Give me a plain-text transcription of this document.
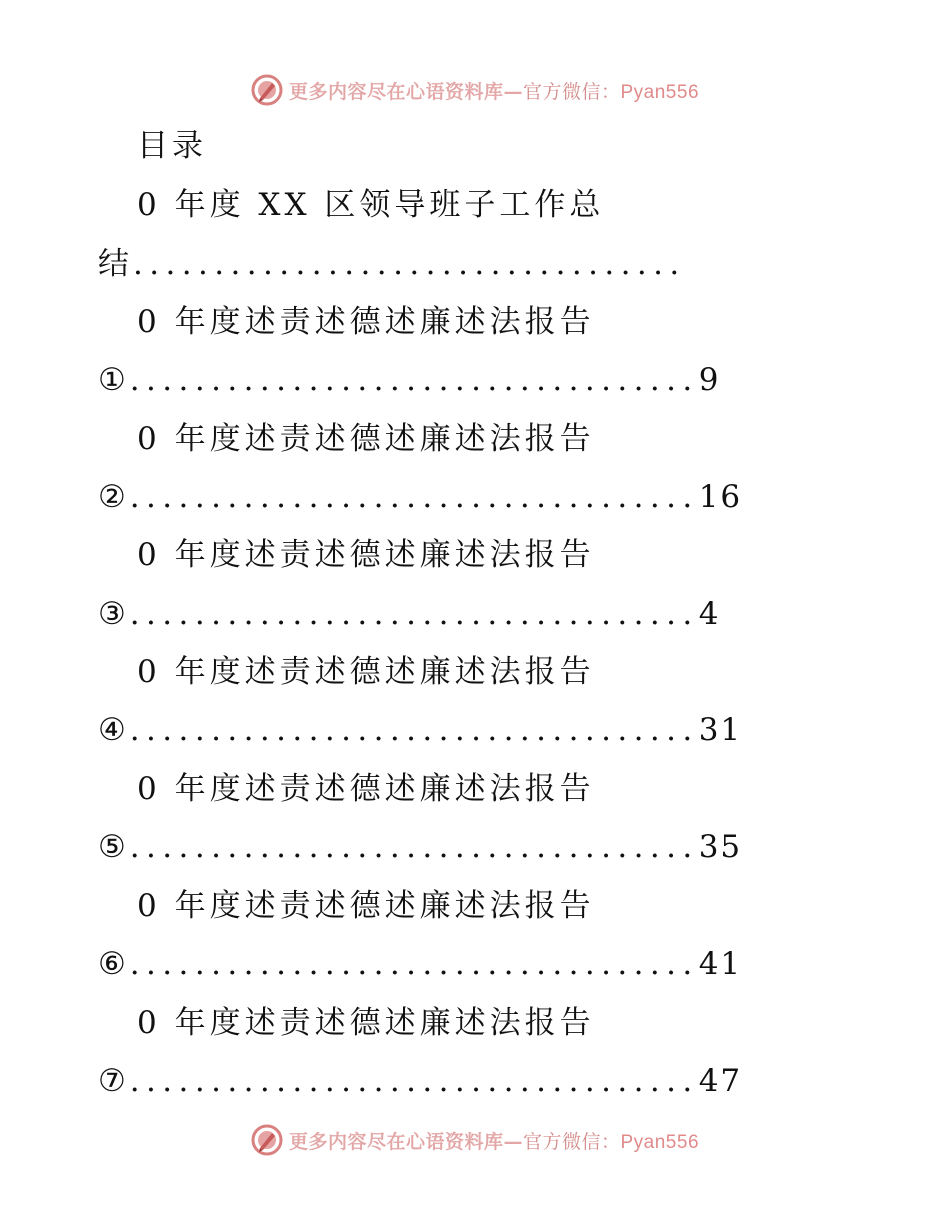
更多内容尽在心语资料库—官方微信：Pyan556
目录
0 年度 XX 区领导班子工作总
结..................................
0 年度述责述德述廉述法报告
①...................................9
0 年度述责述德述廉述法报告
②...................................16
0 年度述责述德述廉述法报告
③...................................4
0 年度述责述德述廉述法报告
④...................................31
0 年度述责述德述廉述法报告
⑤...................................35
0 年度述责述德述廉述法报告
⑥...................................41
0 年度述责述德述廉述法报告
⑦...................................47
更多内容尽在心语资料库—官方微信：Pyan556
